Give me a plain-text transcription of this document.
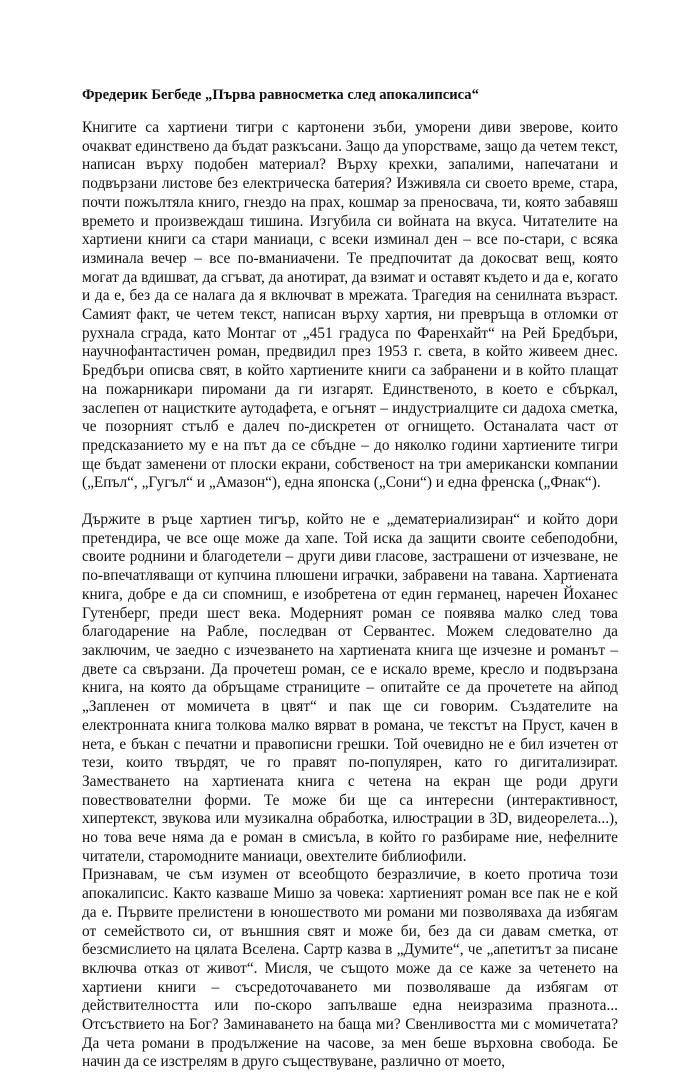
Фредерик Бегбеде „Първа равносметка след апокалипсиса“

Книгите са хартиени тигри с картонени зъби, уморени диви зверове, които очакват единствено да бъдат разкъсани. Защо да упорстваме, защо да четем текст, написан върху подобен материал? Върху крехки, запалими, напечатани и подвързани листове без електрическа батерия? Изживяла си своето време, стара, почти пожълтяла книго, гнездо на прах, кошмар за преносвача, ти, която забавяш времето и произвеждаш тишина. Изгубила си войната на вкуса. Читателите на хартиени книги са стари маниаци, с всеки изминал ден – все по-стари, с всяка изминала вечер – все по-вманиачени. Те предпочитат да докосват вещ, която могат да вдишват, да сгъват, да анотират, да взимат и оставят където и да е, когато и да е, без да се налага да я включват в мрежата. Трагедия на сенилната възраст. Самият факт, че четем текст, написан върху хартия, ни превръща в отломки от рухнала сграда, като Монтаг от „451 градуса по Фаренхайт“ на Рей Бредбъри, научнофантастичен роман, предвидил през 1953 г. света, в който живеем днес. Бредбъри описва свят, в който хартиените книги са забранени и в който плащат на пожарникари пиромани да ги изгарят. Единственото, в което е сбъркал, заслепен от нацистките аутодафета, е огънят – индустриалците си дадоха сметка, че позорният стълб е далеч по-дискретен от огнището. Останалата част от предсказанието му е на път да се сбъдне – до няколко години хартиените тигри ще бъдат заменени от плоски екрани, собственост на три американски компании („Епъл“, „Гугъл“ и „Амазон“), една японска („Сони“) и една френска („Фнак“).

Държите в ръце хартиен тигър, който не е „дематериализиран“ и който дори претендира, че все още може да хапе. Той иска да защити своите себеподобни, своите роднини и благодетели – други диви гласове, застрашени от изчезване, не по-впечатляващи от купчина плюшени играчки, забравени на тавана. Хартиената книга, добре е да си спомниш, е изобретена от един германец, наречен Йоханес Гутенберг, преди шест века. Модерният роман се появява малко след това благодарение на Рабле, последван от Сервантес. Можем следователно да заключим, че заедно с изчезването на хартиената книга ще изчезне и романът – двете са свързани. Да прочетеш роман, се е искало време, кресло и подвързана книга, на която да обръщаме страниците – опитайте се да прочетете на айпод „Запленен от момичета в цвят“ и пак ще си говорим. Създателите на електронната книга толкова малко вярват в романа, че текстът на Пруст, качен в нета, е бъкан с печатни и правописни грешки. Той очевидно не е бил изчетен от тези, които твърдят, че го правят по-популярен, като го дигитализират. Заместването на хартиената книга с четена на екран ще роди други повествователни форми. Те може би ще са интересни (интерактивност, хипертекст, звукова или музикална обработка, илюстрации в 3D, видеорелета...), но това вече няма да е роман в смисъла, в който го разбираме ние, нефелните читатели, старомодните маниаци, овехтелите библиофили.

Признавам, че съм изумен от всеобщото безразличие, в което протича този апокалипсис. Както казваше Мишо за човека: хартиеният роман все пак не е кой да е. Първите прелистени в юношеството ми романи ми позволяваха да избягам от семейството си, от външния свят и може би, без да си давам сметка, от безсмислието на цялата Вселена. Сартр казва в „Думите“, че „апетитът за писане включва отказ от живот“. Мисля, че същото може да се каже за четенето на хартиени книги – съсредоточаването ми позволяваше да избягам от действителността или по-скоро запълваше една неизразима празнота... Отсъствието на Бог? Заминаването на баща ми? Свенливостта ми с момичетата? Да чета романи в продължение на часове, за мен беше върховна свобода. Бе начин да се изстрелям в друго съществуване, различно от моето,
